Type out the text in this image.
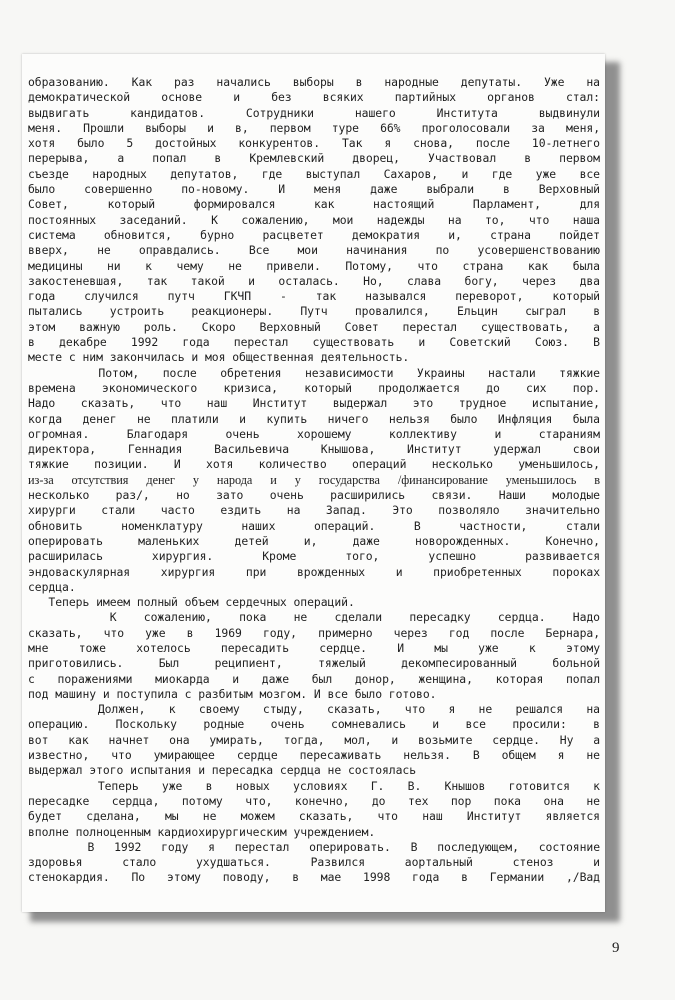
образованию. Как раз начались выборы в народные депутаты. Уже на
демократической основе и без всяких партийных органов стал:
выдвигать кандидатов. Сотрудники нашего Института выдвинули
меня. Прошли выборы и в, первом туре 66% проголосовали за меня,
хотя было 5 достойных конкурентов. Так я снова, после 10-летнего
перерыва, а попал в Кремлевский дворец, Участвовал в первом
съезде народных депутатов, где выступал Сахаров, и где уже все
было совершенно по-новому. И меня даже выбрали в Верховный
Совет, который формировался как настоящий Парламент, для
постоянных заседаний. К сожалению, мои надежды на то, что наша
система обновится, бурно расцветет демократия и, страна пойдет
вверх, не оправдались. Все мои начинания по усовершенствованию
медицины ни к чему не привели. Потому, что страна как была
закостеневшая, так такой и осталась. Но, слава богу, через два
года случился путч ГКЧП - так назывался переворот, который
пытались устроить реакционеры. Путч провалился, Ельцин сыграл в
этом важную роль. Скоро Верховный Совет перестал существовать, а
в декабре 1992 года перестал существовать и Советский Союз. В
месте с ним закончилась и моя общественная деятельность.
Потом, после обретения независимости Украины настали тяжкие
времена экономического кризиса, который продолжается до сих пор.
Надо сказать, что наш Институт выдержал это трудное испытание,
когда денег не платили и купить ничего нельзя было Инфляция была
огромная. Благодаря очень хорошему коллективу и стараниям
директора, Геннадия Васильевича Кнышова, Институт удержал свои
тяжкие позиции. И хотя количество операций несколько уменьшилось,
из-за отсутствия денег у народа и у государства /финансирование уменьшилось в
несколько раз/, но зато очень расширились связи. Наши молодые
хирурги стали часто ездить на Запад. Это позволяло значительно
обновить номенклатуру наших операций. В частности, стали
оперировать маленьких детей и, даже новорожденных. Конечно,
расширилась хирургия. Кроме того, успешно развивается
эндоваскулярная хирургия при врожденных и приобретенных пороках
сердца.
Теперь имеем полный объем сердечных операций.
К сожалению, пока не сделали пересадку сердца. Надо
сказать, что уже в 1969 году, примерно через год после Бернара,
мне тоже хотелось пересадить сердце. И мы уже к этому
приготовились. Был реципиент, тяжелый декомпесированный больной
с поражениями миокарда и даже был донор, женщина, которая попал
под машину и поступила с разбитым мозгом. И все было готово.
Должен, к своему стыду, сказать, что я не решался на
операцию. Поскольку родные очень сомневались и все просили: в
вот как начнет она умирать, тогда, мол, и возьмите сердце. Ну а
известно, что умирающее сердце пересаживать нельзя. В общем я не
выдержал этого испытания и пересадка сердца не состоялась
Теперь уже в новых условиях Г. В. Кнышов готовится к
пересадке сердца, потому что, конечно, до тех пор пока она не
будет сделана, мы не можем сказать, что наш Институт является
вполне полноценным кардиохирургическим учреждением.
В 1992 году я перестал оперировать. В последующем, состояние
здоровья стало ухудшаться. Развился аортальный стеноз и
стенокардия. По этому поводу, в мае 1998 года в Германии ,/Вад
9
